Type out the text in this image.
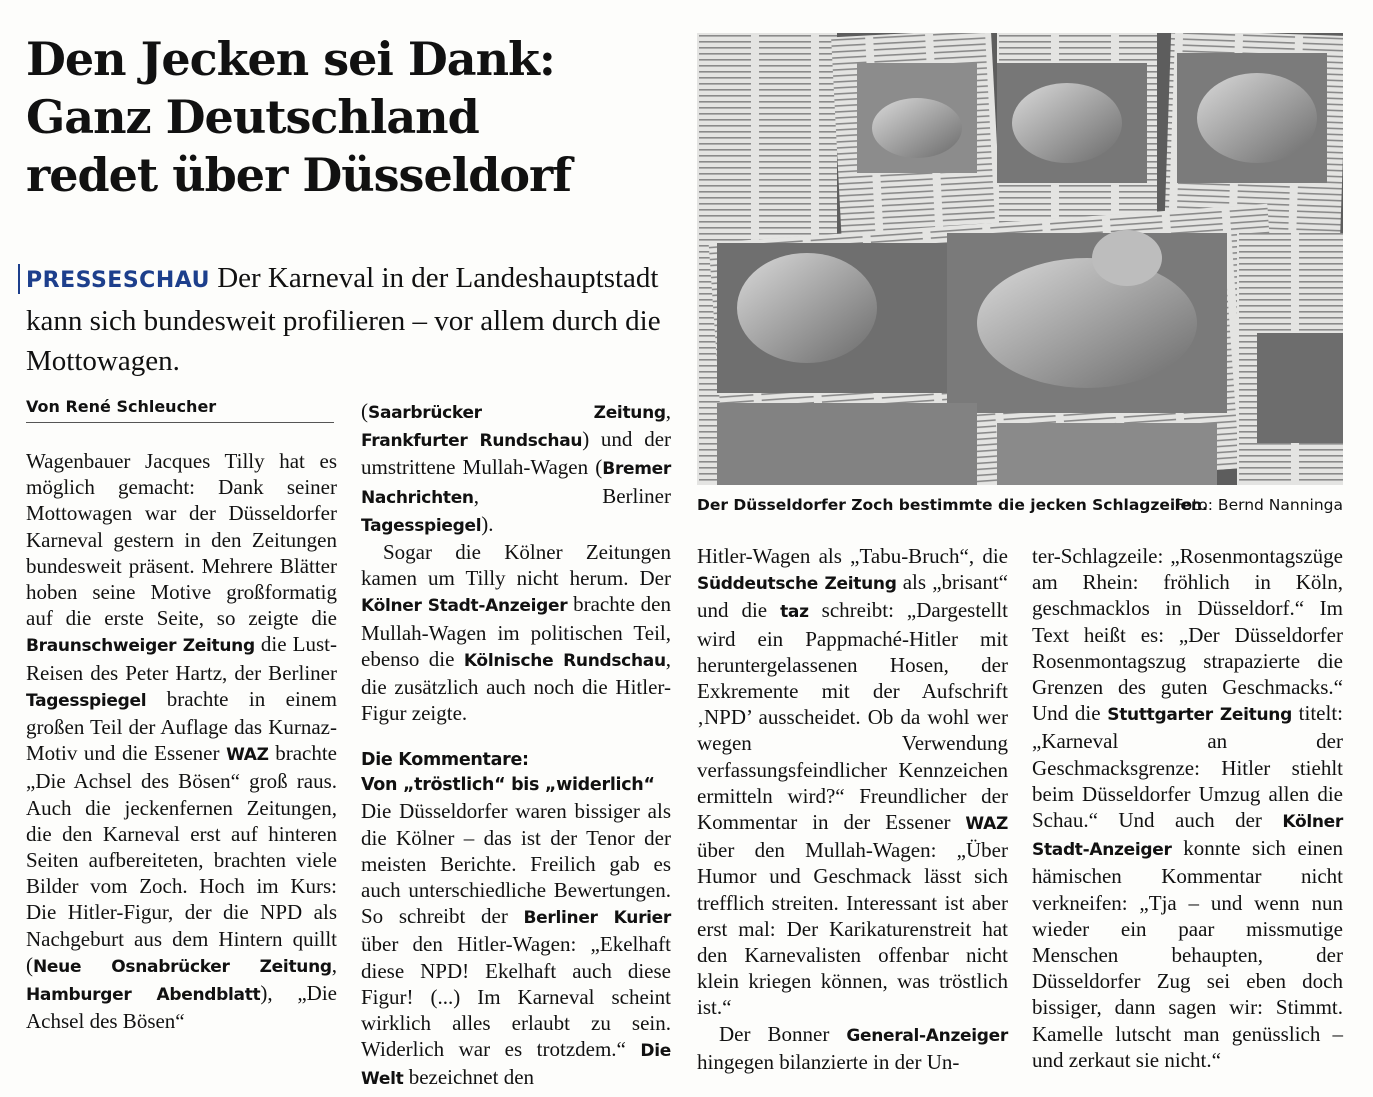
Den Jecken sei Dank:
Ganz Deutschland
redet über Düsseldorf
PRESSESCHAU Der Karneval in der Landeshauptstadt kann sich bundesweit profilieren – vor allem durch die Mottowagen.
Von René Schleucher

Wagenbauer Jacques Tilly hat es möglich gemacht: Dank seiner Mottowagen war der Düsseldorfer Karneval gestern in den Zeitungen bundesweit präsent. Mehrere Blätter hoben seine Motive großformatig auf die erste Seite, so zeigte die Braunschweiger Zeitung die Lust-Reisen des Peter Hartz, der Berliner Tagesspiegel brachte in einem großen Teil der Auflage das Kurnaz-Motiv und die Essener WAZ brachte „Die Achsel des Bösen“ groß raus. Auch die jeckenfernen Zeitungen, die den Karneval erst auf hinteren Seiten aufbereiteten, brachten viele Bilder vom Zoch. Hoch im Kurs: Die Hitler-Figur, der die NPD als Nachgeburt aus dem Hintern quillt (Neue Osnabrücker Zeitung, Hamburger Abendblatt), „Die Achsel des Bösen“

(Saarbrücker Zeitung, Frankfurter Rundschau) und der umstrittene Mullah-Wagen (Bremer Nachrichten, Berliner Tagesspiegel).

Sogar die Kölner Zeitungen kamen um Tilly nicht herum. Der Kölner Stadt-Anzeiger brachte den Mullah-Wagen im politischen Teil, ebenso die Kölnische Rundschau, die zusätzlich auch noch die Hitler-Figur zeigte.

Die Kommentare:
Von „tröstlich“ bis „widerlich“

Die Düsseldorfer waren bissiger als die Kölner – das ist der Tenor der meisten Berichte. Freilich gab es auch unterschiedliche Bewertungen. So schreibt der Berliner Kurier über den Hitler-Wagen: „Ekelhaft diese NPD! Ekelhaft auch diese Figur! (...) Im Karneval scheint wirklich alles erlaubt zu sein. Widerlich war es trotzdem.“ Die Welt bezeichnet den

Hitler-Wagen als „Tabu-Bruch“, die Süddeutsche Zeitung als „brisant“ und die taz schreibt: „Dargestellt wird ein Pappmaché-Hitler mit heruntergelassenen Hosen, der Exkremente mit der Aufschrift ‚NPD’ ausscheidet. Ob da wohl wer wegen Verwendung verfassungsfeindlicher Kennzeichen ermitteln wird?“ Freundlicher der Kommentar in der Essener WAZ über den Mullah-Wagen: „Über Humor und Geschmack lässt sich trefflich streiten. Interessant ist aber erst mal: Der Karikaturenstreit hat den Karnevalisten offenbar nicht klein kriegen können, was tröstlich ist.“

Der Bonner General-Anzeiger hingegen bilanzierte in der Un-

ter-Schlagzeile: „Rosenmontagszüge am Rhein: fröhlich in Köln, geschmacklos in Düsseldorf.“ Im Text heißt es: „Der Düsseldorfer Rosenmontagszug strapazierte die Grenzen des guten Geschmacks.“ Und die Stuttgarter Zeitung titelt: „Karneval an der Geschmacksgrenze: Hitler stiehlt beim Düsseldorfer Umzug allen die Schau.“ Und auch der Kölner Stadt-Anzeiger konnte sich einen hämischen Kommentar nicht verkneifen: „Tja – und wenn nun wieder ein paar missmutige Menschen behaupten, der Düsseldorfer Zug sei eben doch bissiger, dann sagen wir: Stimmt. Kamelle lutscht man genüsslich – und zerkaut sie nicht.“

Der Düsseldorfer Zoch bestimmte die jecken Schlagzeilen.
Foto: Bernd Nanninga
